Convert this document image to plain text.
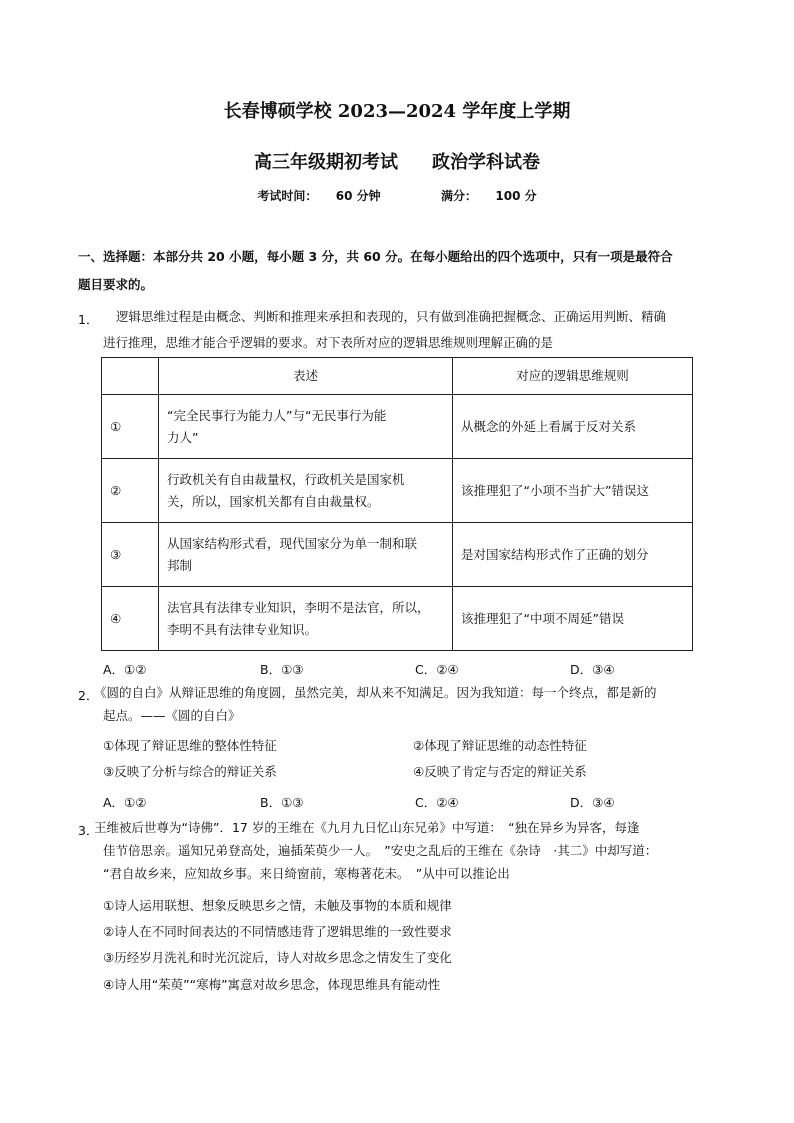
长春博硕学校 2023—2024 学年度上学期
高三年级期初考试 政治学科试卷
考试时间： 60 分钟	满分： 100 分
一、选择题：本部分共 20 小题，每小题 3 分，共 60 分。在每小题给出的四个选项中，只有一项是最符合
题目要求的。
1． 逻辑思维过程是由概念、判断和推理来承担和表现的，只有做到准确把握概念、正确运用判断、精确
进行推理，思维才能合乎逻辑的要求。对下表所对应的逻辑思维规则理解正确的是
	表述	对应的逻辑思维规则
①	“完全民事行为能力人”与“无民事行为能
力人”	从概念的外延上看属于反对关系
②	行政机关有自由裁量权，行政机关是国家机
关，所以，国家机关都有自由裁量权。	该推理犯了“小项不当扩大”错误这
③	从国家结构形式看，现代国家分为单一制和联
邦制	是对国家结构形式作了正确的划分
④	法官具有法律专业知识，李明不是法官，所以，
李明不具有法律专业知识。	该推理犯了“中项不周延”错误
A．①②	B．①③	C．②④	D．③④
2．
《圆的自白》从辩证思维的角度圆，虽然完美，却从来不知满足。因为我知道：每一个终点，都是新的
起点。——《圆的自白》
①体现了辩证思维的整体性特征	②体现了辩证思维的动态性特征
③反映了分析与综合的辩证关系	④反映了肯定与否定的辩证关系
A．①②	B．①③	C．②④	D．③④
3．
王维被后世尊为“诗佛”．17 岁的王维在《九月九日忆山东兄弟》中写道：　“独在异乡为异客，每逢
佳节倍思亲。遥知兄弟登高处，遍插茱萸少一人。　”安史之乱后的王维在《杂诗　·其二》中却写道：
“君自故乡来，应知故乡事。来日绮窗前，寒梅著花未。　”从中可以推论出
①诗人运用联想、想象反映思乡之情，未触及事物的本质和规律
②诗人在不同时间表达的不同情感违背了逻辑思维的一致性要求
③历经岁月洗礼和时光沉淀后，诗人对故乡思念之情发生了变化
④诗人用“茱萸”“寒梅”寓意对故乡思念，体现思维具有能动性
